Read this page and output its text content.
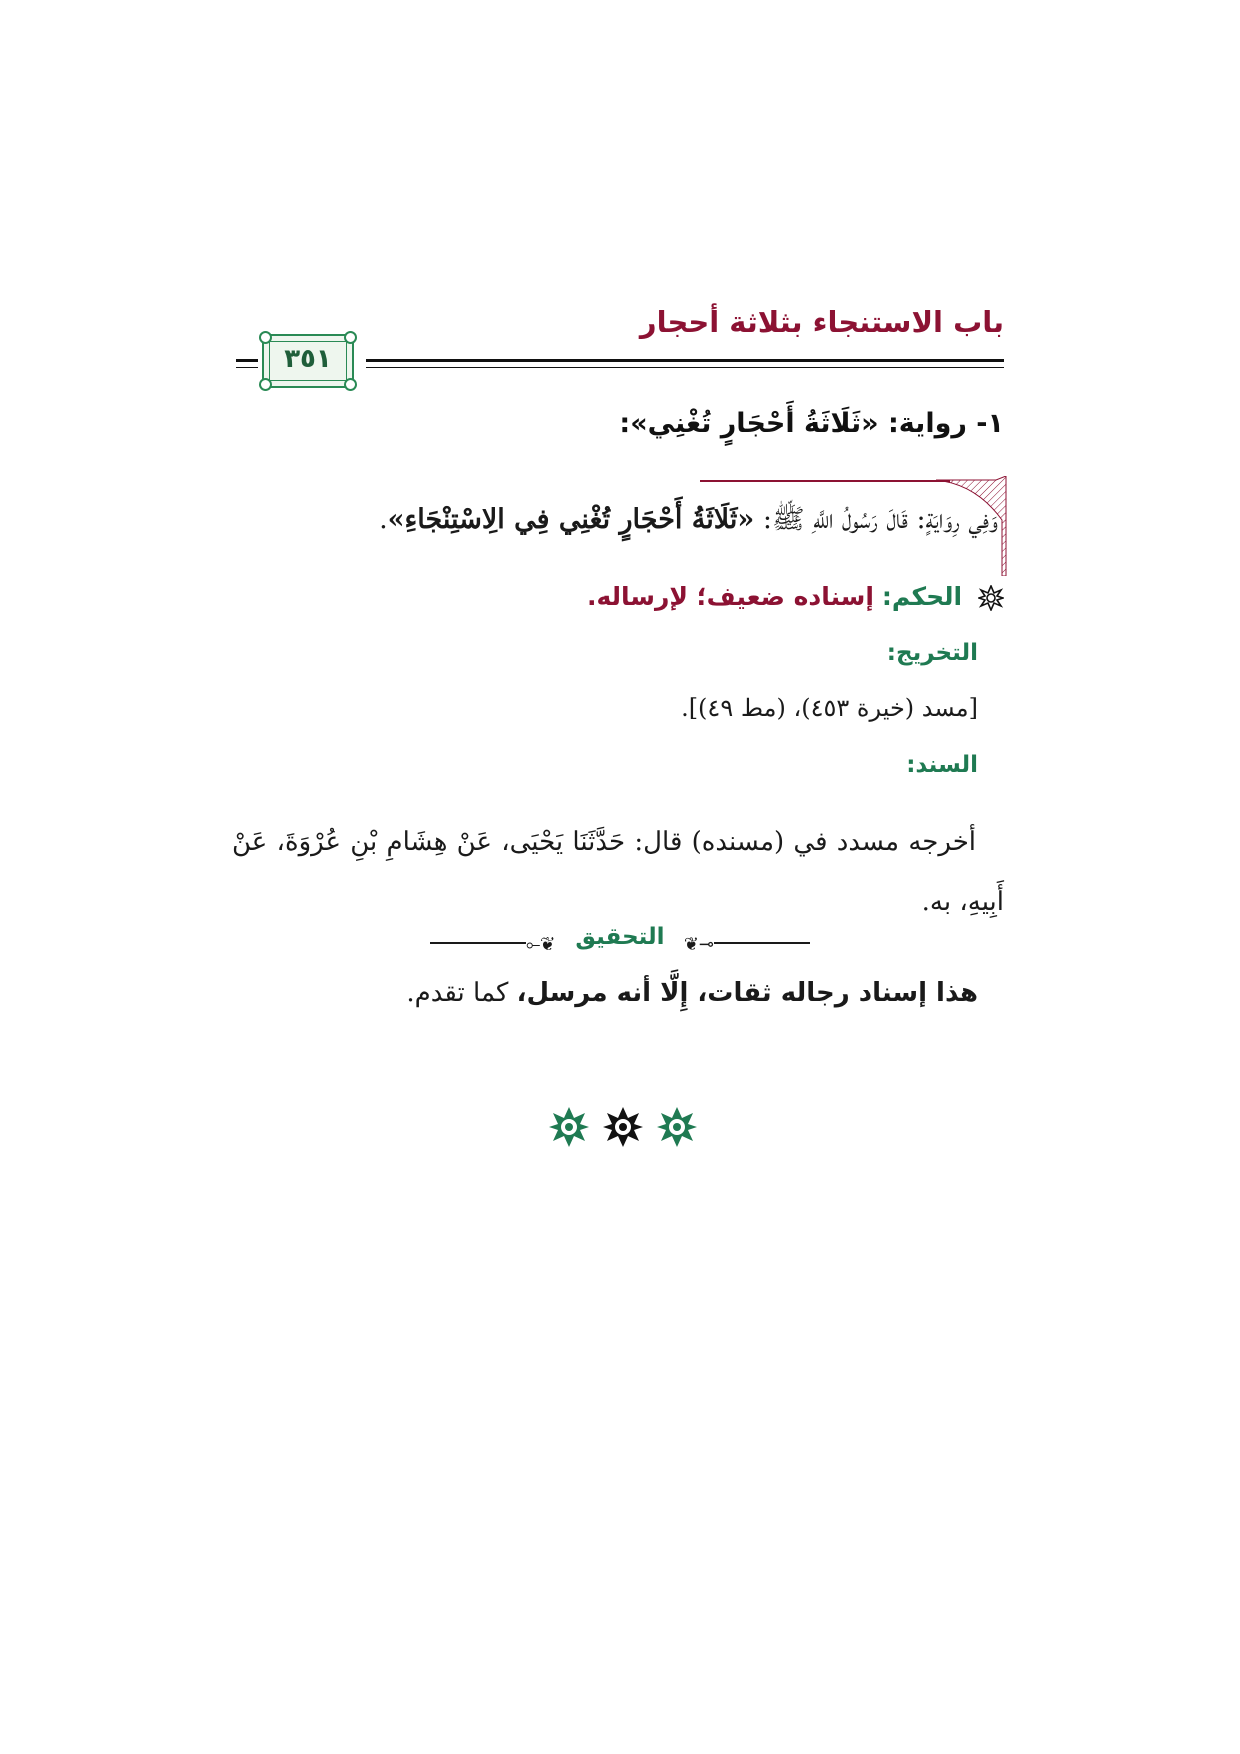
باب الاستنجاء بثلاثة أحجار
٣٥١
١- رواية: «ثَلَاثَةُ أَحْجَارٍ تُغْنِي»:
وَفِي رِوَايَةٍ: قَالَ رَسُولُ اللَّهِ ﷺ: «ثَلَاثَةُ أَحْجَارٍ تُغْنِي فِي الِاسْتِنْجَاءِ».
الحكم: إسناده ضعيف؛ لإرساله.
التخريج:
[مسد (خيرة ٤٥٣)، (مط ٤٩)].
السند:
أخرجه مسدد في (مسنده) قال: حَدَّثَنَا يَحْيَى، عَنْ هِشَامِ بْنِ عُرْوَةَ، عَنْ أَبِيهِ، به.
⟜❦	❦⊸
التحقيق
هذا إسناد رجاله ثقات، إِلَّا أنه مرسل، كما تقدم.
